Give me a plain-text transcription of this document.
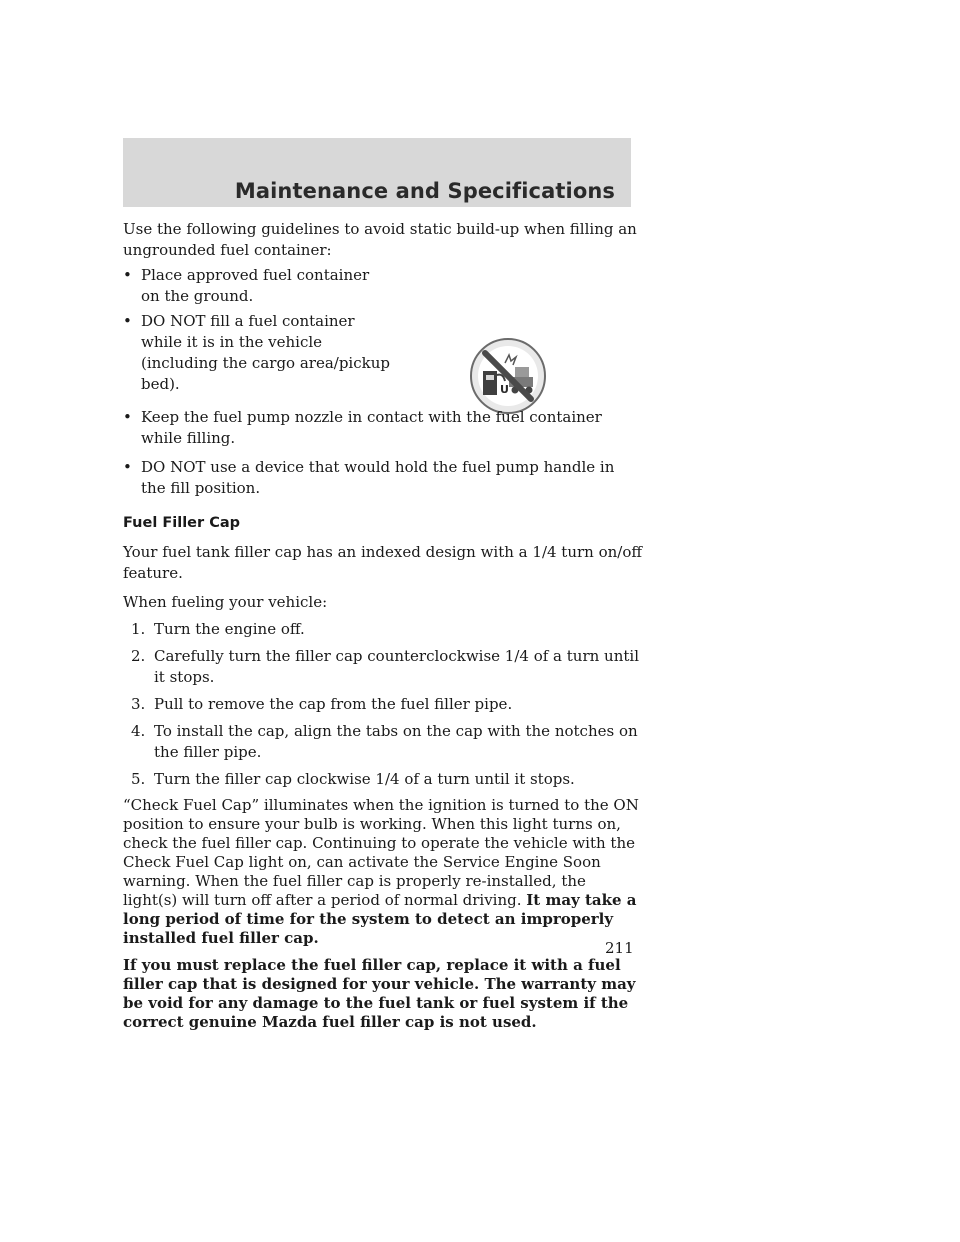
Maintenance and Specifications

Use the following guidelines to avoid static build-up when filling an ungrounded fuel container:

U
• Place approved fuel container on the ground.
• DO NOT fill a fuel container while it is in the vehicle (including the cargo area/pickup bed).
• Keep the fuel pump nozzle in contact with the fuel container while filling.
• DO NOT use a device that would hold the fuel pump handle in the fill position.
Fuel Filler Cap

Your fuel tank filler cap has an indexed design with a 1/4 turn on/off feature.

When fueling your vehicle:

1. Turn the engine off.
2. Carefully turn the filler cap counterclockwise 1/4 of a turn until it stops.
3. Pull to remove the cap from the fuel filler pipe.
4. To install the cap, align the tabs on the cap with the notches on the filler pipe.
5. Turn the filler cap clockwise 1/4 of a turn until it stops.

“Check Fuel Cap” illuminates when the ignition is turned to the ON position to ensure your bulb is working. When this light turns on, check the fuel filler cap. Continuing to operate the vehicle with the Check Fuel Cap light on, can activate the Service Engine Soon warning. When the fuel filler cap is properly re-installed, the light(s) will turn off after a period of normal driving. It may take a long period of time for the system to detect an improperly installed fuel filler cap.

If you must replace the fuel filler cap, replace it with a fuel filler cap that is designed for your vehicle. The warranty may be void for any damage to the fuel tank or fuel system if the correct genuine Mazda fuel filler cap is not used.

211
